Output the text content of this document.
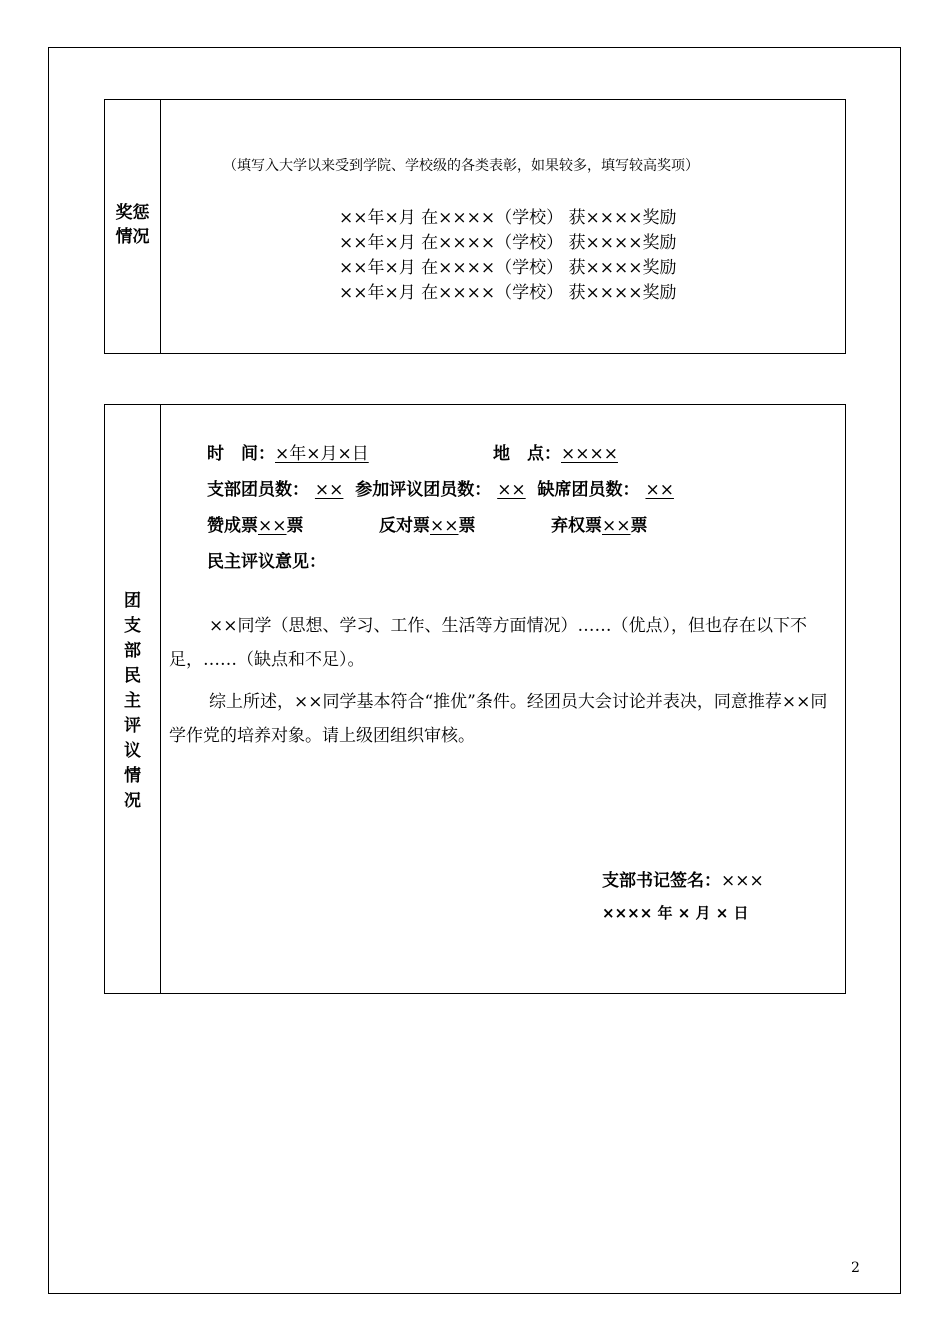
奖惩
情况
（填写入大学以来受到学院、学校级的各类表彰，如果较多，填写较高奖项）
××年×月 在××××（学校） 获××××奖励
××年×月 在××××（学校） 获××××奖励
××年×月 在××××（学校） 获××××奖励
××年×月 在××××（学校） 获××××奖励
团
支
部
民
主
评
议
情
况
时　间：×年×月×日	地　点：××××
支部团员数： ×× 参加评议团员数： ×× 缺席团员数： ××
赞成票××票	反对票××票	弃权票××票
民主评议意见：
××同学（思想、学习、工作、生活等方面情况）……（优点），但也存在以下不足，……（缺点和不足）。
综上所述，××同学基本符合“推优”条件。经团员大会讨论并表决，同意推荐××同学作党的培养对象。请上级团组织审核。
支部书记签名：×××
×××× 年 × 月 × 日
2
